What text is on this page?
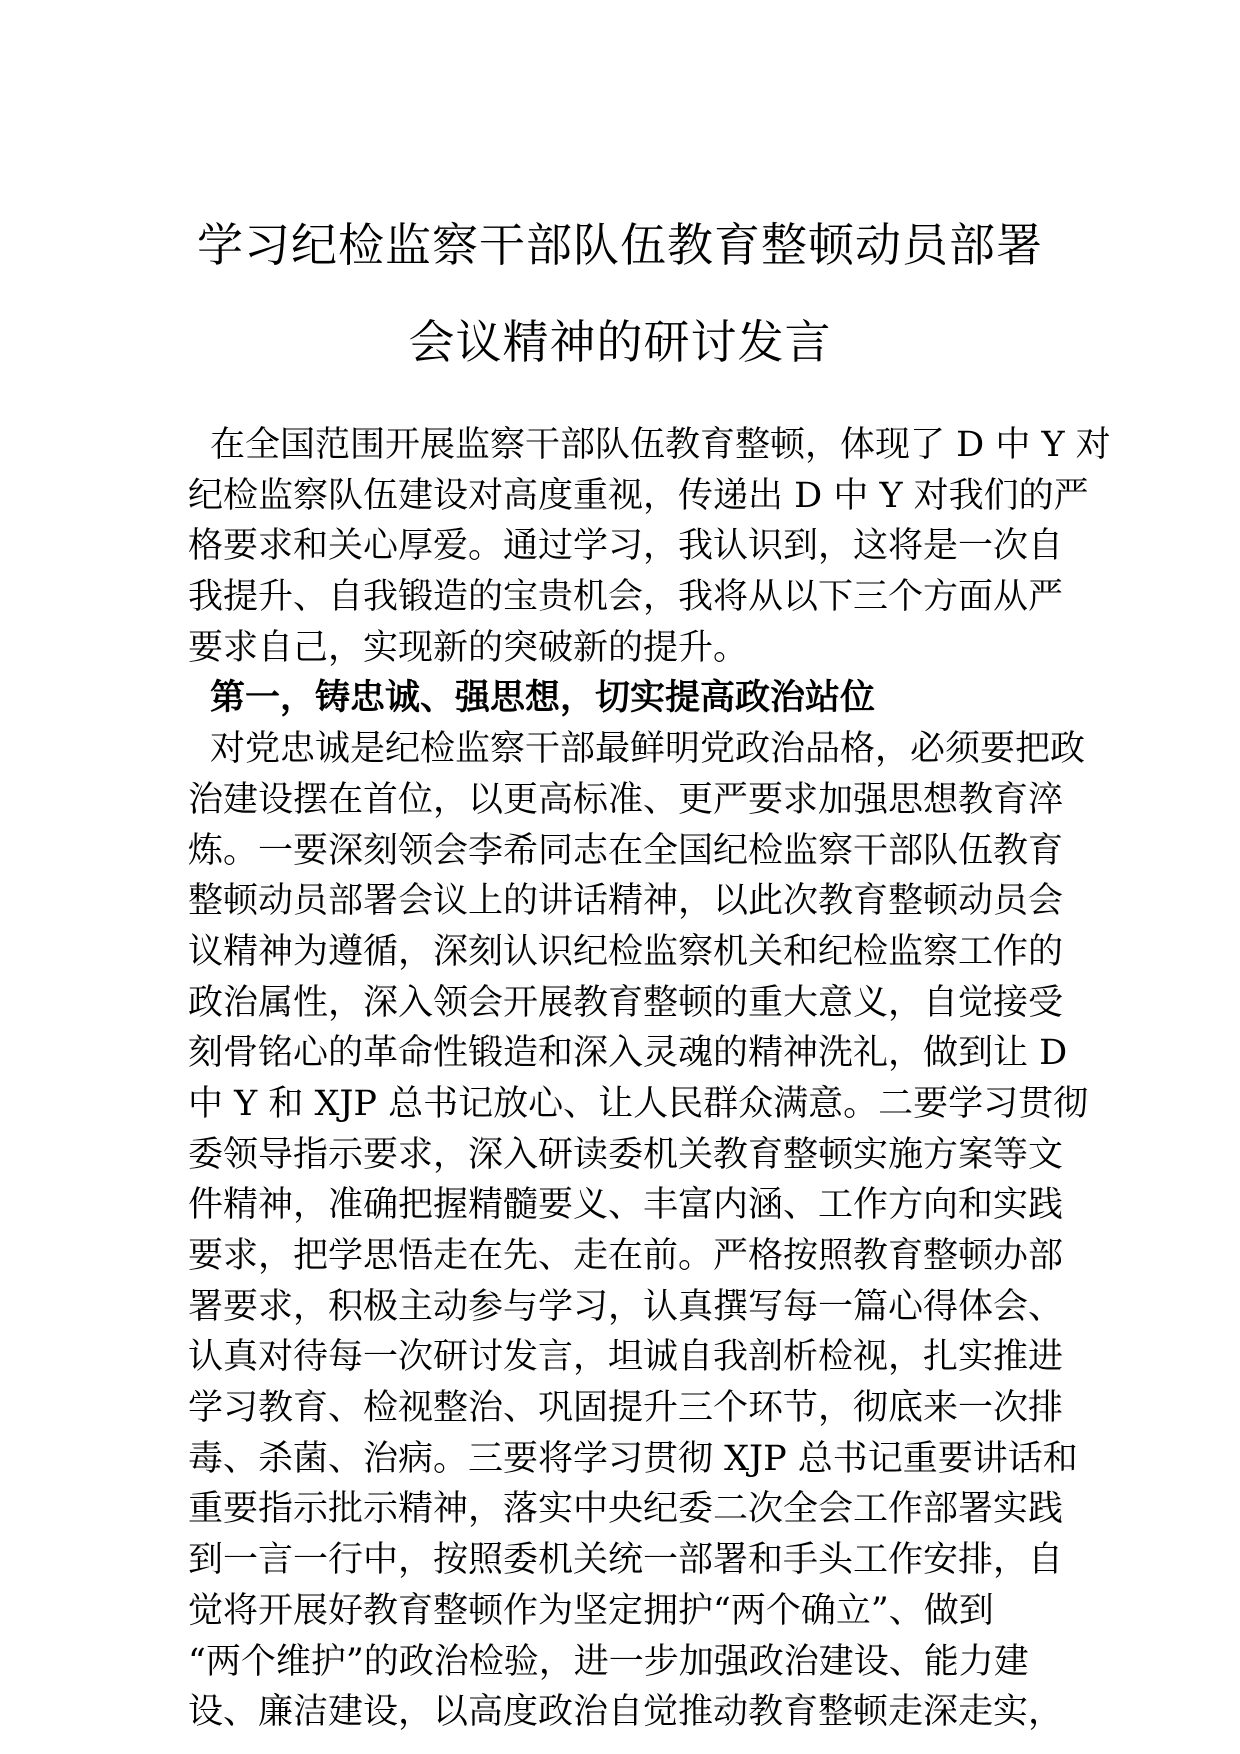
学习纪检监察干部队伍教育整顿动员部署
会议精神的研讨发言
在全国范围开展监察干部队伍教育整顿，体现了 D 中 Y 对
纪检监察队伍建设对高度重视，传递出 D 中 Y 对我们的严
格要求和关心厚爱。通过学习，我认识到，这将是一次自
我提升、自我锻造的宝贵机会，我将从以下三个方面从严
要求自己，实现新的突破新的提升。
第一，铸忠诚、强思想，切实提高政治站位
对党忠诚是纪检监察干部最鲜明党政治品格，必须要把政
治建设摆在首位，以更高标准、更严要求加强思想教育淬
炼。一要深刻领会李希同志在全国纪检监察干部队伍教育
整顿动员部署会议上的讲话精神，以此次教育整顿动员会
议精神为遵循，深刻认识纪检监察机关和纪检监察工作的
政治属性，深入领会开展教育整顿的重大意义，自觉接受
刻骨铭心的革命性锻造和深入灵魂的精神洗礼，做到让 D
中 Y 和 XJP 总书记放心、让人民群众满意。二要学习贯彻
委领导指示要求，深入研读委机关教育整顿实施方案等文
件精神，准确把握精髓要义、丰富内涵、工作方向和实践
要求，把学思悟走在先、走在前。严格按照教育整顿办部
署要求，积极主动参与学习，认真撰写每一篇心得体会、
认真对待每一次研讨发言，坦诚自我剖析检视，扎实推进
学习教育、检视整治、巩固提升三个环节，彻底来一次排
毒、杀菌、治病。三要将学习贯彻 XJP 总书记重要讲话和
重要指示批示精神，落实中央纪委二次全会工作部署实践
到一言一行中，按照委机关统一部署和手头工作安排，自
觉将开展好教育整顿作为坚定拥护“两个确立”、做到
“两个维护”的政治检验，进一步加强政治建设、能力建
设、廉洁建设，以高度政治自觉推动教育整顿走深走实，
